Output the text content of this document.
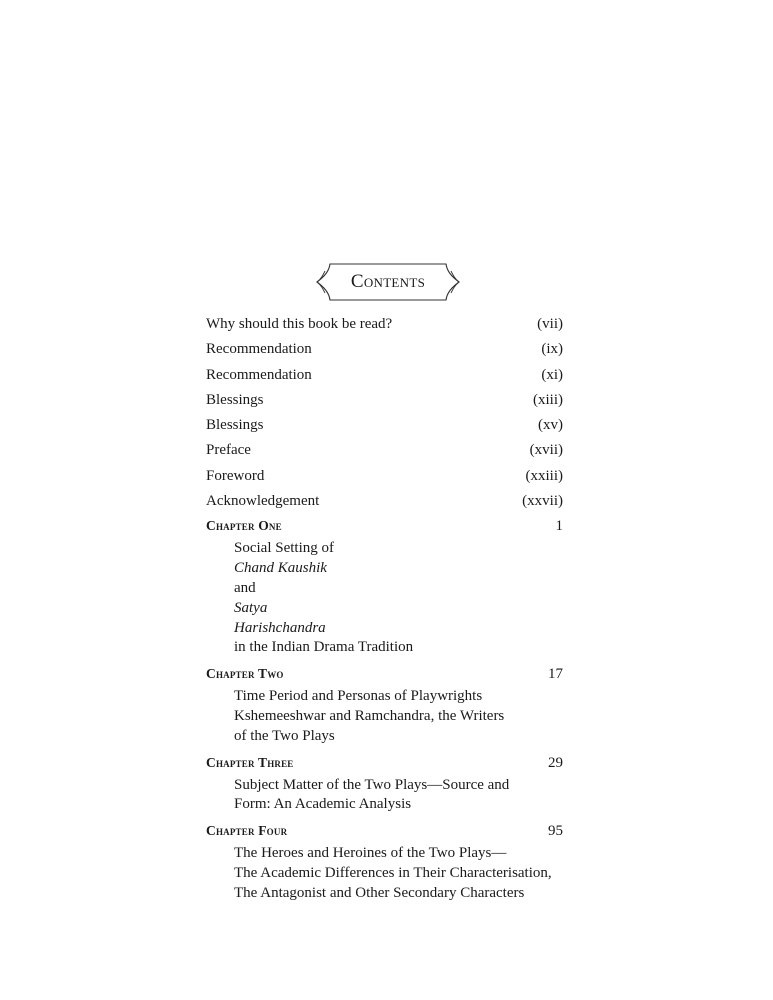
Contents
Why should this book be read?	(vii)
Recommendation	(ix)
Recommendation	(xi)
Blessings	(xiii)
Blessings	(xv)
Preface	(xvii)
Foreword	(xxiii)
Acknowledgement	(xxvii)
Chapter One	1
Social Setting of
Chand Kaushik
and
Satya
Harishchandra
in the Indian Drama Tradition
Chapter Two	17
Time Period and Personas of Playwrights
Kshemeeshwar and Ramchandra, the Writers
of the Two Plays
Chapter Three	29
Subject Matter of the Two Plays—Source and
Form: An Academic Analysis
Chapter Four	95
The Heroes and Heroines of the Two Plays—
The Academic Differences in Their Characterisation,
The Antagonist and Other Secondary Characters
